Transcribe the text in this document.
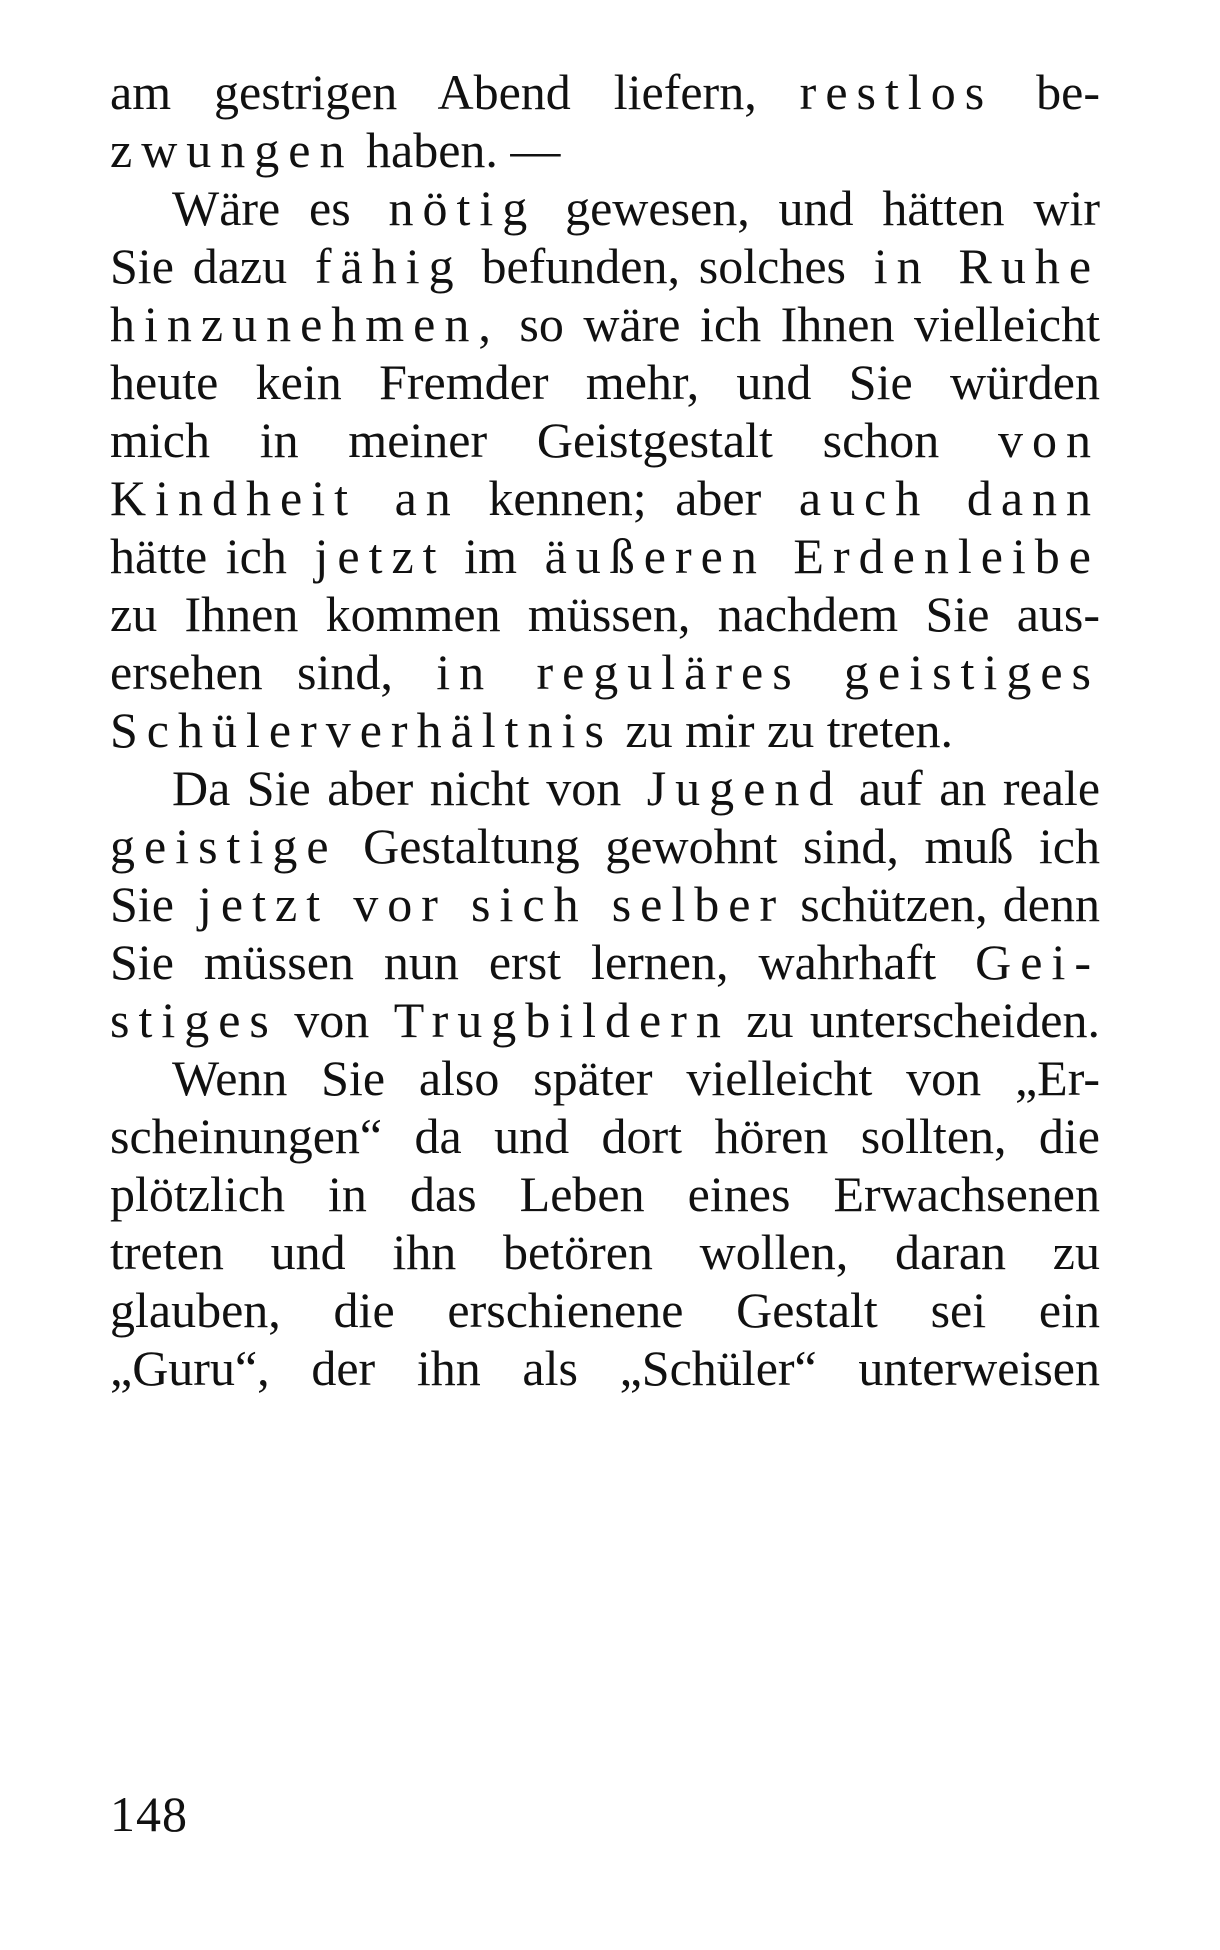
am gestrigen Abend liefern, restlos be-
zwungen haben. —
Wäre es nötig gewesen, und hätten wir
Sie dazu fähig befunden, solches in Ruhe
hinzunehmen, so wäre ich Ihnen vielleicht
heute kein Fremder mehr, und Sie würden
mich in meiner Geistgestalt schon von
Kindheit an kennen; aber auch dann
hätte ich jetzt im äußeren Erdenleibe
zu Ihnen kommen müssen, nachdem Sie aus-
ersehen sind, in reguläres geistiges
Schülerverhältnis zu mir zu treten.
Da Sie aber nicht von Jugend auf an reale
geistige Gestaltung gewohnt sind, muß ich
Sie jetzt vor sich selber schützen, denn
Sie müssen nun erst lernen, wahrhaft Gei-
stiges von Trugbildern zu unterscheiden.
Wenn Sie also später vielleicht von „Er-
scheinungen“ da und dort hören sollten, die
plötzlich in das Leben eines Erwachsenen
treten und ihn betören wollen, daran zu
glauben, die erschienene Gestalt sei ein
„Guru“, der ihn als „Schüler“ unterweisen
148
